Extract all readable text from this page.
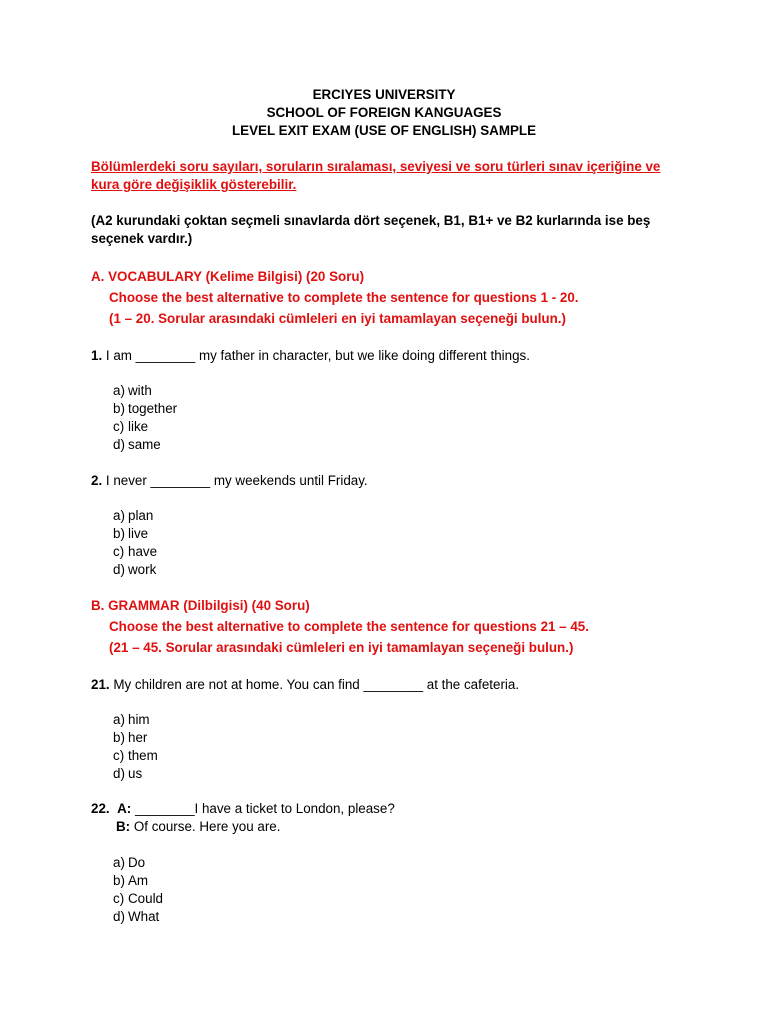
ERCIYES UNIVERSITY
SCHOOL OF FOREIGN KANGUAGES
LEVEL EXIT EXAM (USE OF ENGLISH) SAMPLE
Bölümlerdeki soru sayıları, soruların sıralaması, seviyesi ve soru türleri sınav içeriğine ve kura göre değişiklik gösterebilir.
(A2 kurundaki çoktan seçmeli sınavlarda dört seçenek, B1, B1+ ve B2 kurlarında ise beş seçenek vardır.)
A. VOCABULARY (Kelime Bilgisi) (20 Soru)
Choose the best alternative to complete the sentence for questions 1 - 20.
(1 – 20. Sorular arasındaki cümleleri en iyi tamamlayan seçeneği bulun.)
1. I am ________ my father in character, but we like doing different things.
a) with
b) together
c) like
d) same
2. I never ________ my weekends until Friday.
a) plan
b) live
c) have
d) work
B. GRAMMAR (Dilbilgisi) (40 Soru)
Choose the best alternative to complete the sentence for questions 21 – 45.
(21 – 45. Sorular arasındaki cümleleri en iyi tamamlayan seçeneği bulun.)
21. My children are not at home. You can find ________ at the cafeteria.
a) him
b) her
c) them
d) us
22. A: ________I have a ticket to London, please?
B: Of course. Here you are.
a) Do
b) Am
c) Could
d) What
